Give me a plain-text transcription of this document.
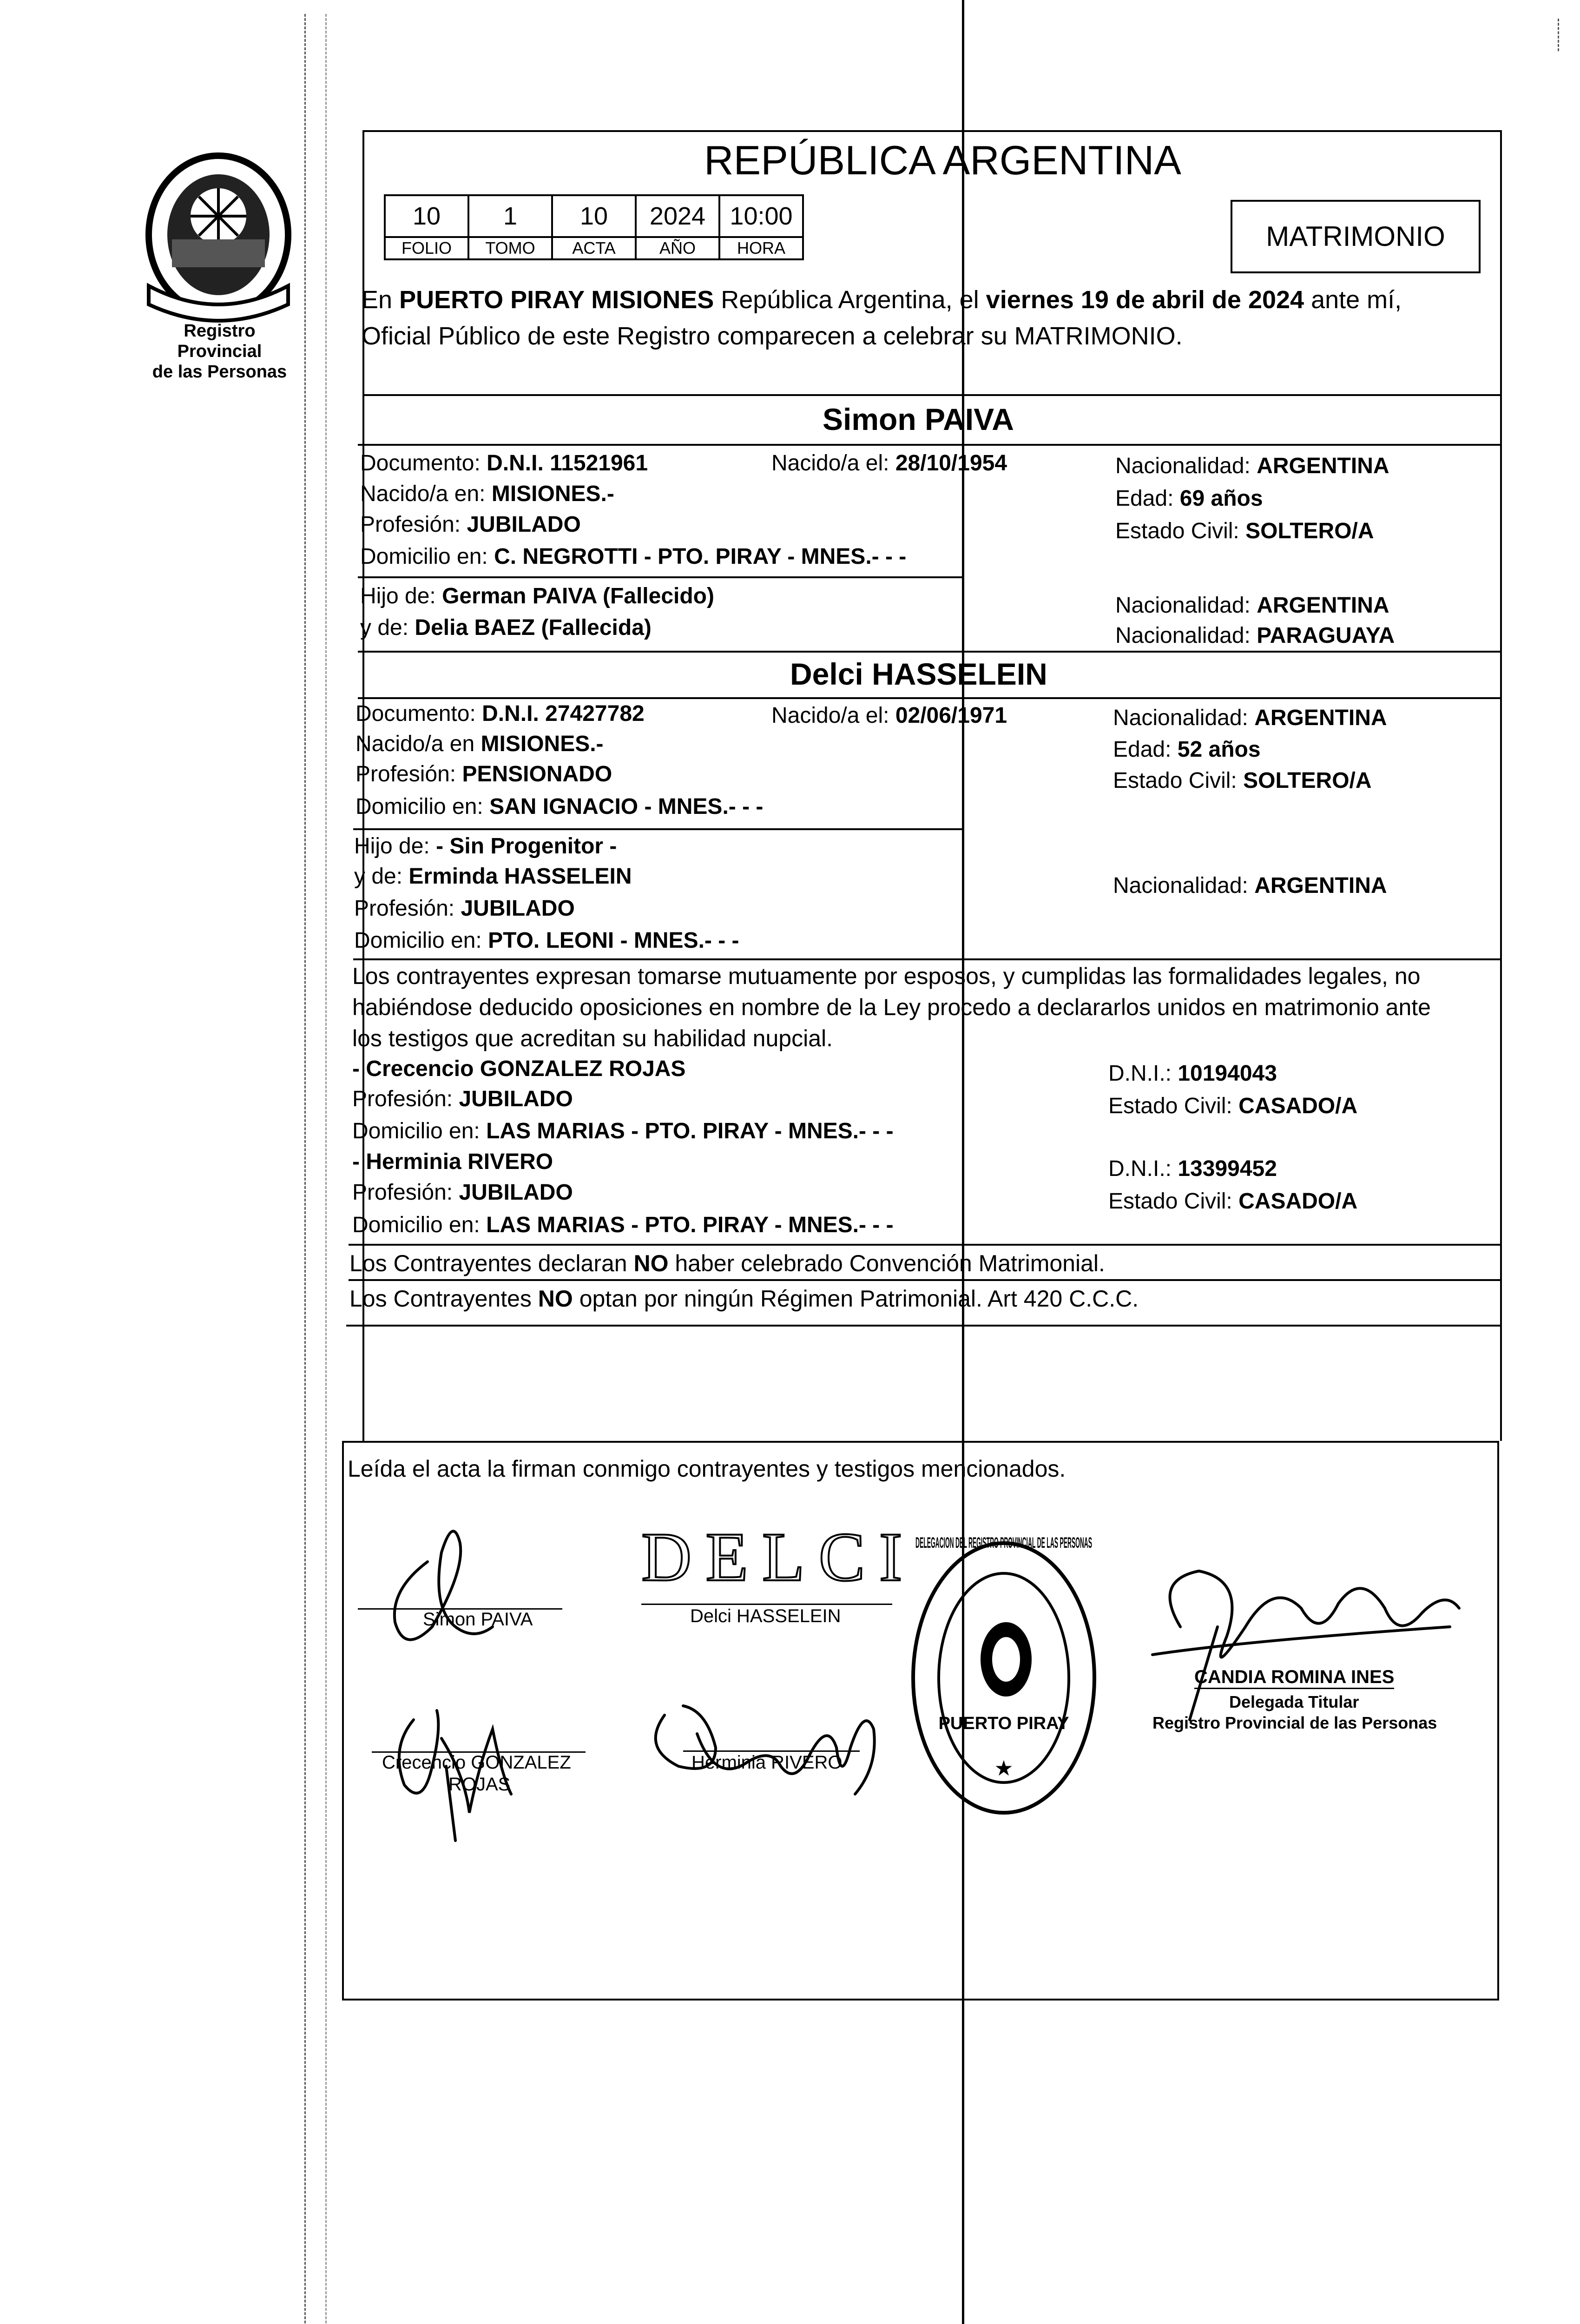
Registro Provincial
de las Personas
REPÚBLICA ARGENTINA
10	1	10	2024	10:00
FOLIO	TOMO	ACTA	AÑO	HORA	MATRIMONIO
En PUERTO PIRAY MISIONES República Argentina, el viernes 19 de abril de 2024 ante mí,
Oficial Público de este Registro comparecen a celebrar su MATRIMONIO.
Simon PAIVA
Documento: D.N.I. 11521961	Nacido/a el: 28/10/1954	Nacionalidad: ARGENTINA
Nacido/a en: MISIONES.-	Edad: 69 años
Profesión: JUBILADO	Estado Civil: SOLTERO/A
Domicilio en: C. NEGROTTI - PTO. PIRAY - MNES.- - -
Hijo de: German PAIVA (Fallecido)	Nacionalidad: ARGENTINA
y de: Delia BAEZ (Fallecida)	Nacionalidad: PARAGUAYA
Delci HASSELEIN
Documento: D.N.I. 27427782	Nacido/a el: 02/06/1971	Nacionalidad: ARGENTINA
Nacido/a en MISIONES.-	Edad: 52 años
Profesión: PENSIONADO	Estado Civil: SOLTERO/A
Domicilio en: SAN IGNACIO - MNES.- - -
Hijo de: - Sin Progenitor -
y de: Erminda HASSELEIN	Nacionalidad: ARGENTINA
Profesión: JUBILADO
Domicilio en: PTO. LEONI - MNES.- - -
Los contrayentes expresan tomarse mutuamente por esposos, y cumplidas las formalidades legales, no
habiéndose deducido oposiciones en nombre de la Ley procedo a declararlos unidos en matrimonio ante
los testigos que acreditan su habilidad nupcial.
- Crecencio GONZALEZ ROJAS	D.N.I.: 10194043
Profesión: JUBILADO	Estado Civil: CASADO/A
Domicilio en: LAS MARIAS - PTO. PIRAY - MNES.- - -
- Herminia RIVERO	D.N.I.: 13399452
Profesión: JUBILADO	Estado Civil: CASADO/A
Domicilio en: LAS MARIAS - PTO. PIRAY - MNES.- - -
Los Contrayentes declaran NO haber celebrado Convención Matrimonial.
Los Contrayentes NO optan por ningún Régimen Patrimonial. Art 420 C.C.C.
Leída el acta la firman conmigo contrayentes y testigos mencionados.
DELCI
Simon PAIVA	Delci HASSELEIN
Crecencio GONZALEZ
ROJAS
Herminia RIVERO
DELEGACION DEL REGISTRO PROVINCIAL DE LAS PERSONAS
PUERTO PIRAY
★
CANDIA ROMINA INES
Delegada Titular
Registro Provincial de las Personas
